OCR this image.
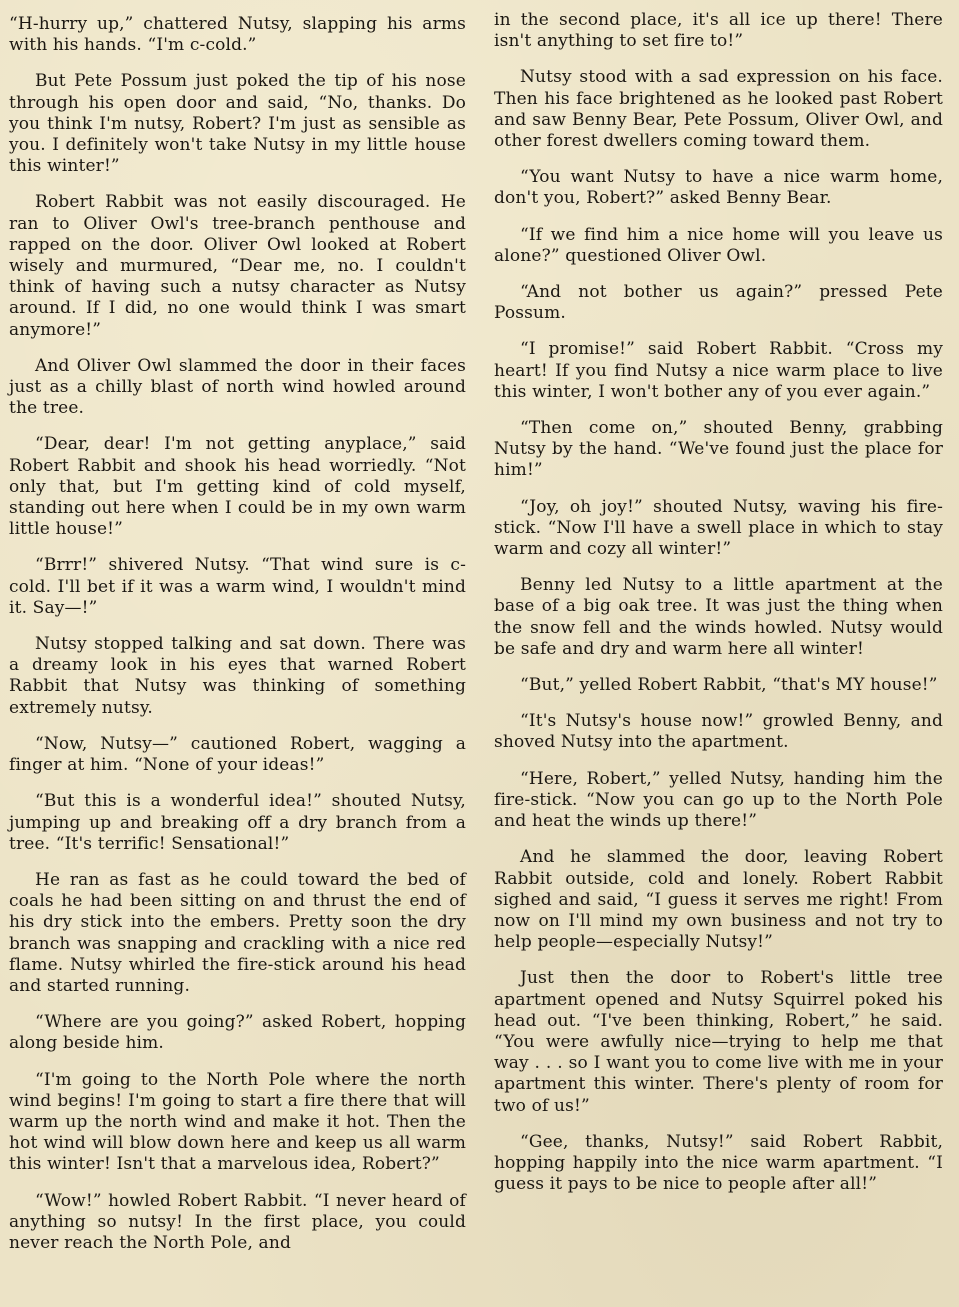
“H-hurry up,” chattered Nutsy, slapping his arms with his hands. “I'm c-cold.”

But Pete Possum just poked the tip of his nose through his open door and said, “No, thanks. Do you think I'm nutsy, Robert? I'm just as sensible as you. I definitely won't take Nutsy in my little house this winter!”

Robert Rabbit was not easily discouraged. He ran to Oliver Owl's tree-branch penthouse and rapped on the door. Oliver Owl looked at Robert wisely and murmured, “Dear me, no. I couldn't think of having such a nutsy character as Nutsy around. If I did, no one would think I was smart anymore!”

And Oliver Owl slammed the door in their faces just as a chilly blast of north wind howled around the tree.

“Dear, dear! I'm not getting anyplace,” said Robert Rabbit and shook his head worriedly. “Not only that, but I'm getting kind of cold myself, standing out here when I could be in my own warm little house!”

“Brrr!” shivered Nutsy. “That wind sure is c-cold. I'll bet if it was a warm wind, I wouldn't mind it. Say—!”

Nutsy stopped talking and sat down. There was a dreamy look in his eyes that warned Robert Rabbit that Nutsy was thinking of something extremely nutsy.

“Now, Nutsy—” cautioned Robert, wagging a finger at him. “None of your ideas!”

“But this is a wonderful idea!” shouted Nutsy, jumping up and breaking off a dry branch from a tree. “It's terrific! Sensational!”

He ran as fast as he could toward the bed of coals he had been sitting on and thrust the end of his dry stick into the embers. Pretty soon the dry branch was snapping and crackling with a nice red flame. Nutsy whirled the fire-stick around his head and started running.

“Where are you going?” asked Robert, hopping along beside him.

“I'm going to the North Pole where the north wind begins! I'm going to start a fire there that will warm up the north wind and make it hot. Then the hot wind will blow down here and keep us all warm this winter! Isn't that a marvelous idea, Robert?”

“Wow!” howled Robert Rabbit. “I never heard of anything so nutsy! In the first place, you could never reach the North Pole, and

in the second place, it's all ice up there! There isn't anything to set fire to!”

Nutsy stood with a sad expression on his face. Then his face brightened as he looked past Robert and saw Benny Bear, Pete Possum, Oliver Owl, and other forest dwellers coming toward them.

“You want Nutsy to have a nice warm home, don't you, Robert?” asked Benny Bear.

“If we find him a nice home will you leave us alone?” questioned Oliver Owl.

“And not bother us again?” pressed Pete Possum.

“I promise!” said Robert Rabbit. “Cross my heart! If you find Nutsy a nice warm place to live this winter, I won't bother any of you ever again.”

“Then come on,” shouted Benny, grabbing Nutsy by the hand. “We've found just the place for him!”

“Joy, oh joy!” shouted Nutsy, waving his fire-stick. “Now I'll have a swell place in which to stay warm and cozy all winter!”

Benny led Nutsy to a little apartment at the base of a big oak tree. It was just the thing when the snow fell and the winds howled. Nutsy would be safe and dry and warm here all winter!

“But,” yelled Robert Rabbit, “that's MY house!”

“It's Nutsy's house now!” growled Benny, and shoved Nutsy into the apartment.

“Here, Robert,” yelled Nutsy, handing him the fire-stick. “Now you can go up to the North Pole and heat the winds up there!”

And he slammed the door, leaving Robert Rabbit outside, cold and lonely. Robert Rabbit sighed and said, “I guess it serves me right! From now on I'll mind my own business and not try to help people—especially Nutsy!”

Just then the door to Robert's little tree apartment opened and Nutsy Squirrel poked his head out. “I've been thinking, Robert,” he said. “You were awfully nice—trying to help me that way . . . so I want you to come live with me in your apartment this winter. There's plenty of room for two of us!”

“Gee, thanks, Nutsy!” said Robert Rabbit, hopping happily into the nice warm apartment. “I guess it pays to be nice to people after all!”
